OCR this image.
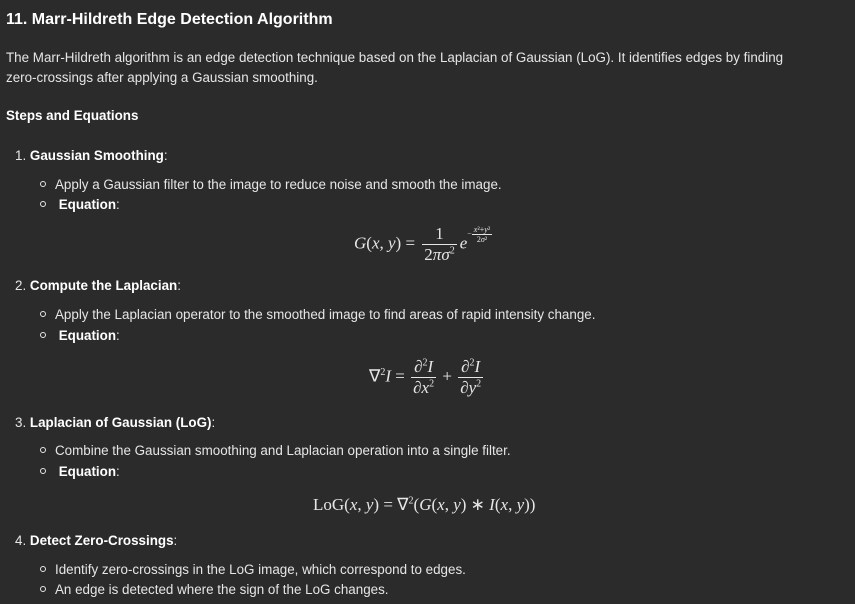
11. Marr-Hildreth Edge Detection Algorithm
The Marr-Hildreth algorithm is an edge detection technique based on the Laplacian of Gaussian (LoG). It identifies edges by finding zero-crossings after applying a Gaussian smoothing.
Steps and Equations
1. Gaussian Smoothing:
Apply a Gaussian filter to the image to reduce noise and smooth the image.
Equation:
G(x, $y) = \frac{1}{2\pi\sigma^2} e^{- \frac{\text{x²+y²}}{\text{2σ²}}}$
2. Compute the Laplacian:
Apply the Laplacian operator to the smoothed image to find areas of rapid intensity change.
Equation:
$\nabla^2I = \frac{\partial^2I}{\partial x^2} + \frac{\partial^2I}{\partial y^2}$
3. Laplacian of Gaussian (LoG):
Combine the Gaussian smoothing and Laplacian operation into a single filter.
Equation:
LoG(x, y) = ∇$^2$(G(x, y) ∗ I(x, y))
4. Detect Zero-Crossings:
Identify zero-crossings in the LoG image, which correspond to edges.
An edge is detected where the sign of the LoG changes.
